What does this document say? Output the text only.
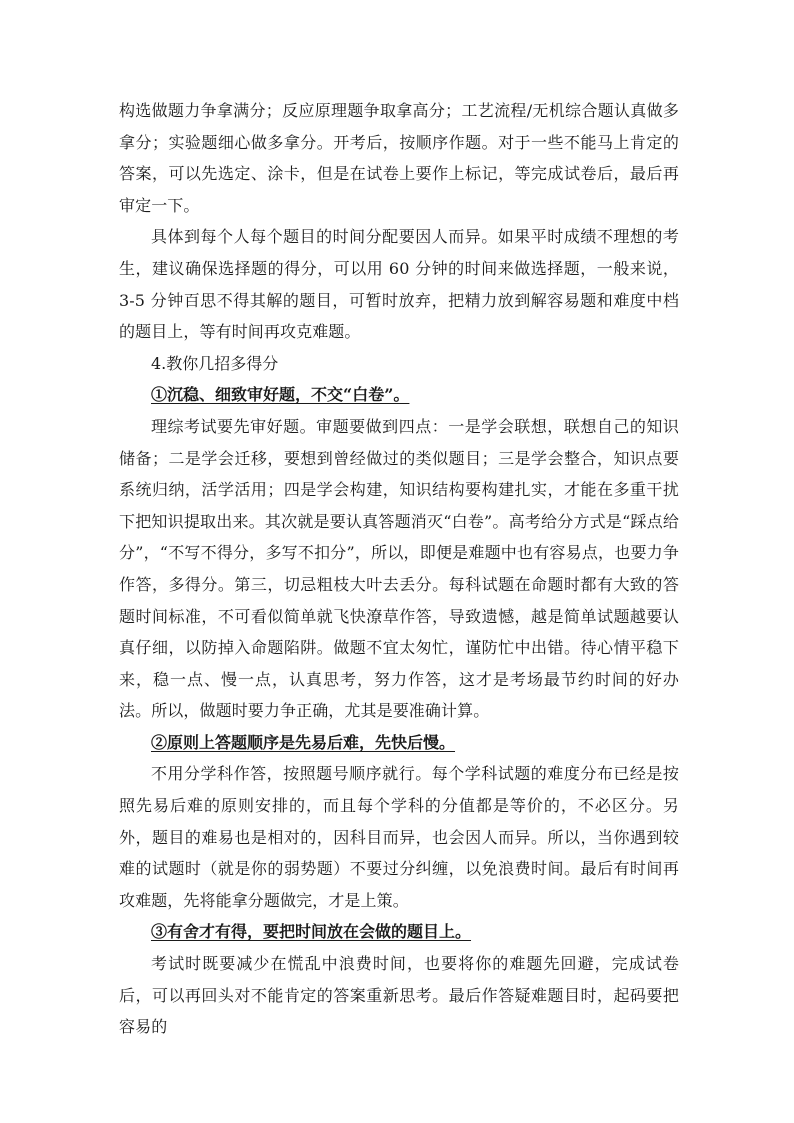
构选做题力争拿满分；反应原理题争取拿高分；工艺流程/无机综合题认真做多拿分；实验题细心做多拿分。开考后，按顺序作题。对于一些不能马上肯定的答案，可以先选定、涂卡，但是在试卷上要作上标记，等完成试卷后，最后再审定一下。

具体到每个人每个题目的时间分配要因人而异。如果平时成绩不理想的考生，建议确保选择题的得分，可以用 60 分钟的时间来做选择题，一般来说，3-5 分钟百思不得其解的题目，可暂时放弃，把精力放到解容易题和难度中档的题目上，等有时间再攻克难题。

4.教你几招多得分

①沉稳、细致审好题，不交“白卷”。

理综考试要先审好题。审题要做到四点：一是学会联想，联想自己的知识储备；二是学会迁移，要想到曾经做过的类似题目；三是学会整合，知识点要系统归纳，活学活用；四是学会构建，知识结构要构建扎实，才能在多重干扰下把知识提取出来。其次就是要认真答题消灭“白卷”。高考给分方式是“踩点给分”，“不写不得分，多写不扣分”，所以，即便是难题中也有容易点，也要力争作答，多得分。第三，切忌粗枝大叶去丢分。每科试题在命题时都有大致的答题时间标准，不可看似简单就飞快潦草作答，导致遗憾，越是简单试题越要认真仔细，以防掉入命题陷阱。做题不宜太匆忙，谨防忙中出错。待心情平稳下来，稳一点、慢一点，认真思考，努力作答，这才是考场最节约时间的好办法。所以，做题时要力争正确，尤其是要准确计算。

②原则上答题顺序是先易后难，先快后慢。

不用分学科作答，按照题号顺序就行。每个学科试题的难度分布已经是按照先易后难的原则安排的，而且每个学科的分值都是等价的，不必区分。另外，题目的难易也是相对的，因科目而异，也会因人而异。所以，当你遇到较难的试题时（就是你的弱势题）不要过分纠缠，以免浪费时间。最后有时间再攻难题，先将能拿分题做完，才是上策。

③有舍才有得，要把时间放在会做的题目上。

考试时既要减少在慌乱中浪费时间，也要将你的难题先回避，完成试卷后，可以再回头对不能肯定的答案重新思考。最后作答疑难题目时，起码要把容易的
